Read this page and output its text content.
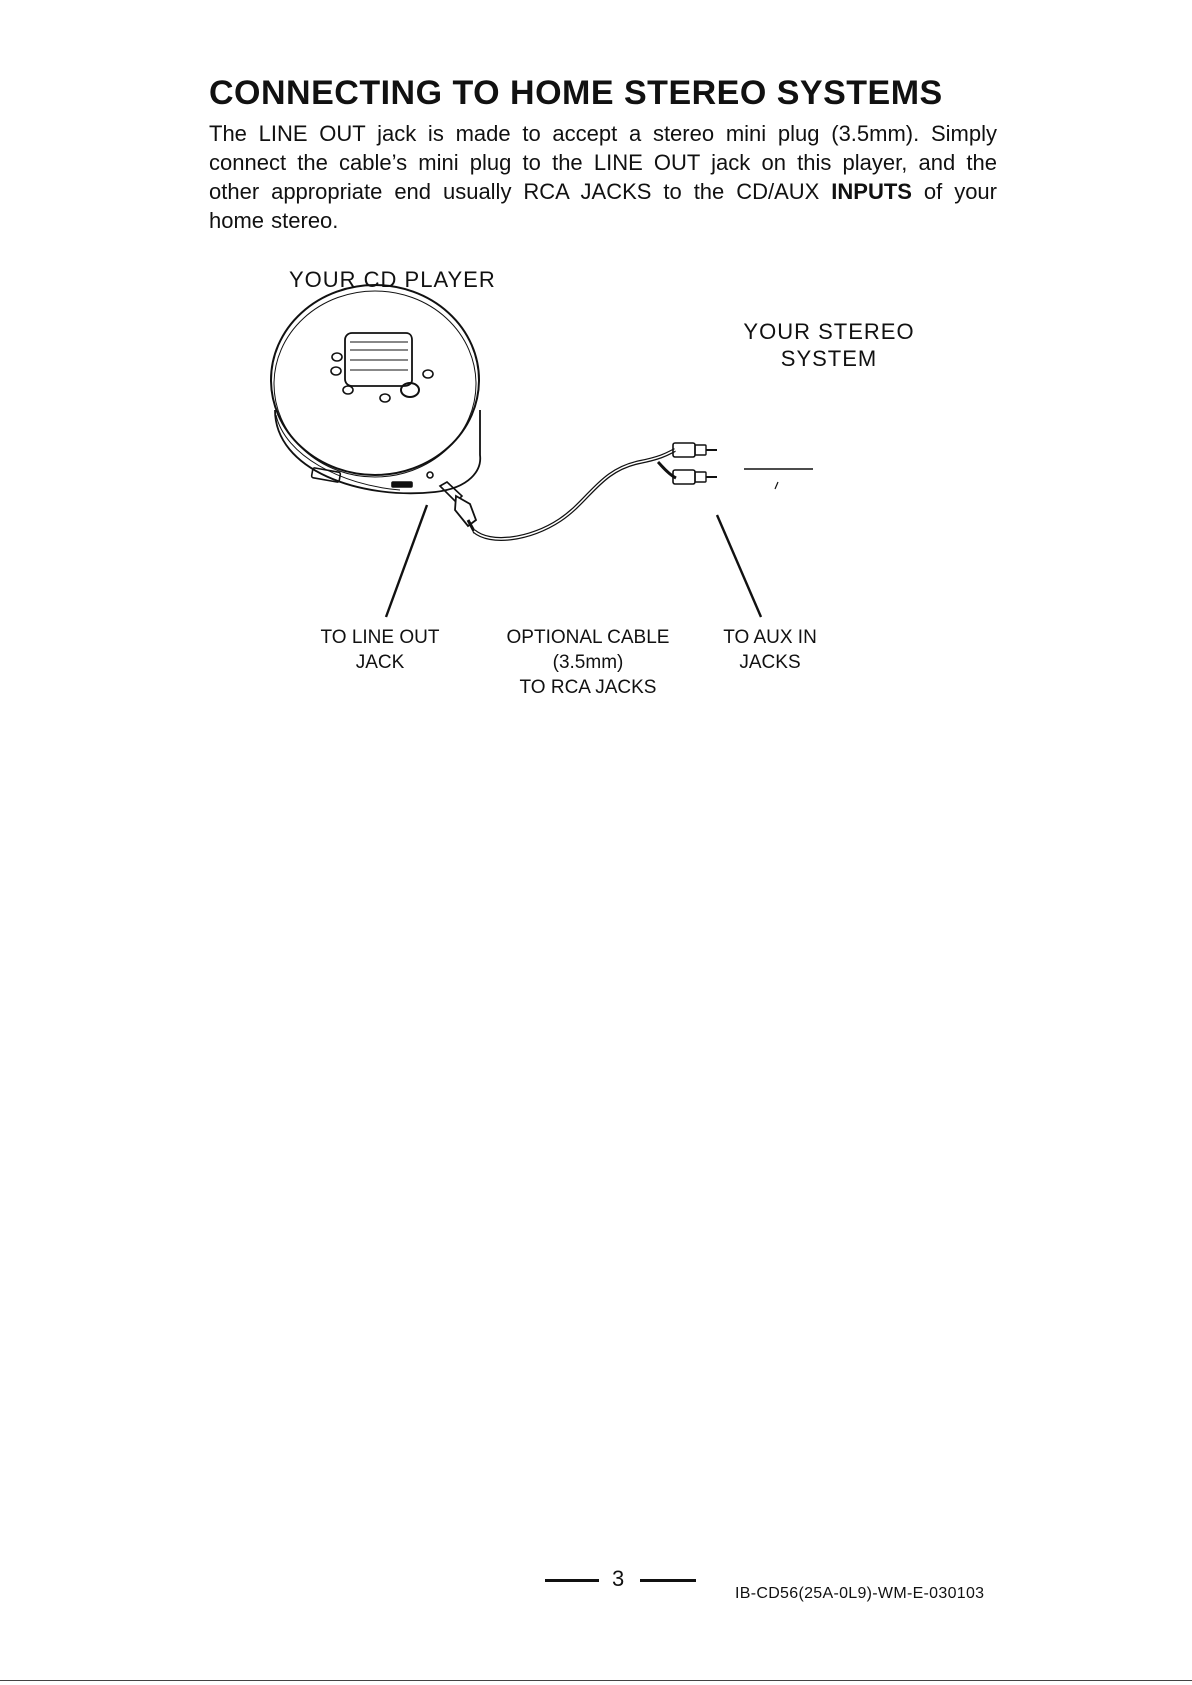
CONNECTING TO HOME STEREO SYSTEMS
The LINE OUT jack is made to accept a stereo mini plug (3.5mm). Simply connect the cable’s mini plug to the LINE OUT jack on this player, and the other appropriate end usually RCA JACKS to the CD/AUX INPUTS of your home stereo.
YOUR CD PLAYER
YOUR STEREO
SYSTEM
TO LINE OUT
JACK
OPTIONAL CABLE
(3.5mm)
TO RCA JACKS
TO AUX IN
JACKS
3
IB-CD56(25A-0L9)-WM-E-030103
